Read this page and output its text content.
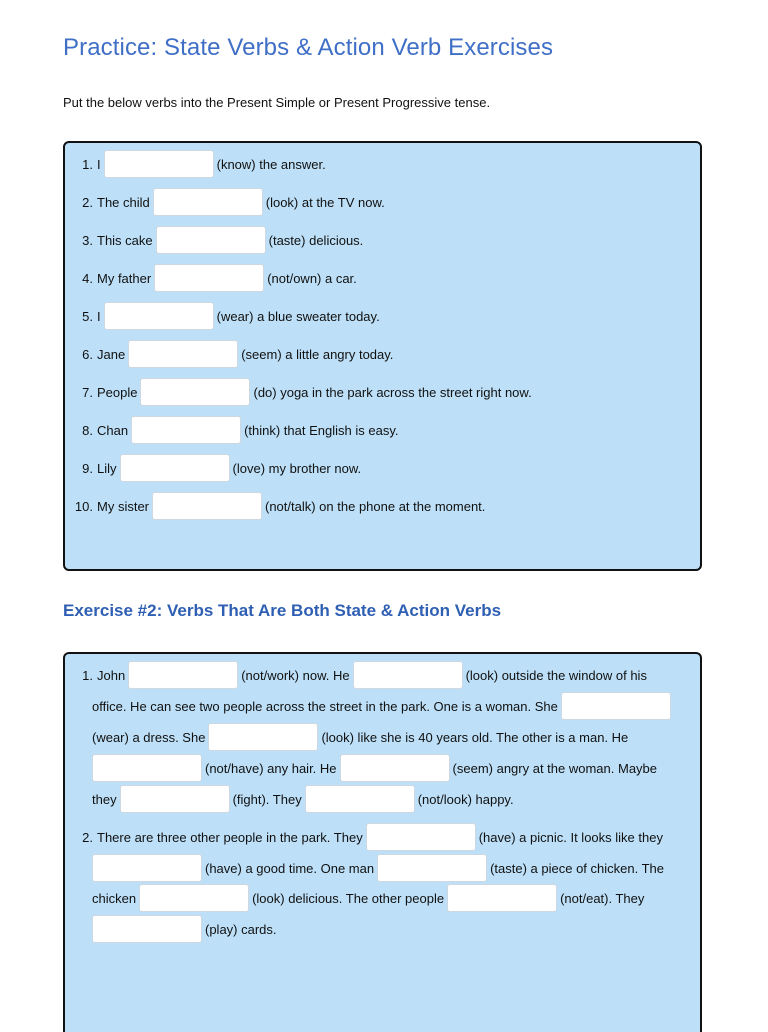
Practice: State Verbs & Action Verb Exercises

Put the below verbs into the Present Simple or Present Progressive tense.

1. I	(know) the answer.
2. The child	(look) at the TV now.
3. This cake	(taste) delicious.
4. My father	(not/own) a car.
5. I	(wear) a blue sweater today.
6. Jane	(seem) a little angry today.
7. People	(do) yoga in the park across the street right now.
8. Chan	(think) that English is easy.
9. Lily	(love) my brother now.
10. My sister	(not/talk) on the phone at the moment.
Exercise #2: Verbs That Are Both State & Action Verbs
1. John	(not/work) now. He	(look) outside the window of his
office. He can see two people across the street in the park. One is a woman. She
(wear) a dress. She	(look) like she is 40 years old. The other is a man. He
(not/have) any hair. He	(seem) angry at the woman. Maybe
they	(fight). They	(not/look) happy.
2. There are three other people in the park. They	(have) a picnic. It looks like they
(have) a good time. One man	(taste) a piece of chicken. The
chicken	(look) delicious. The other people	(not/eat). They
(play) cards.
